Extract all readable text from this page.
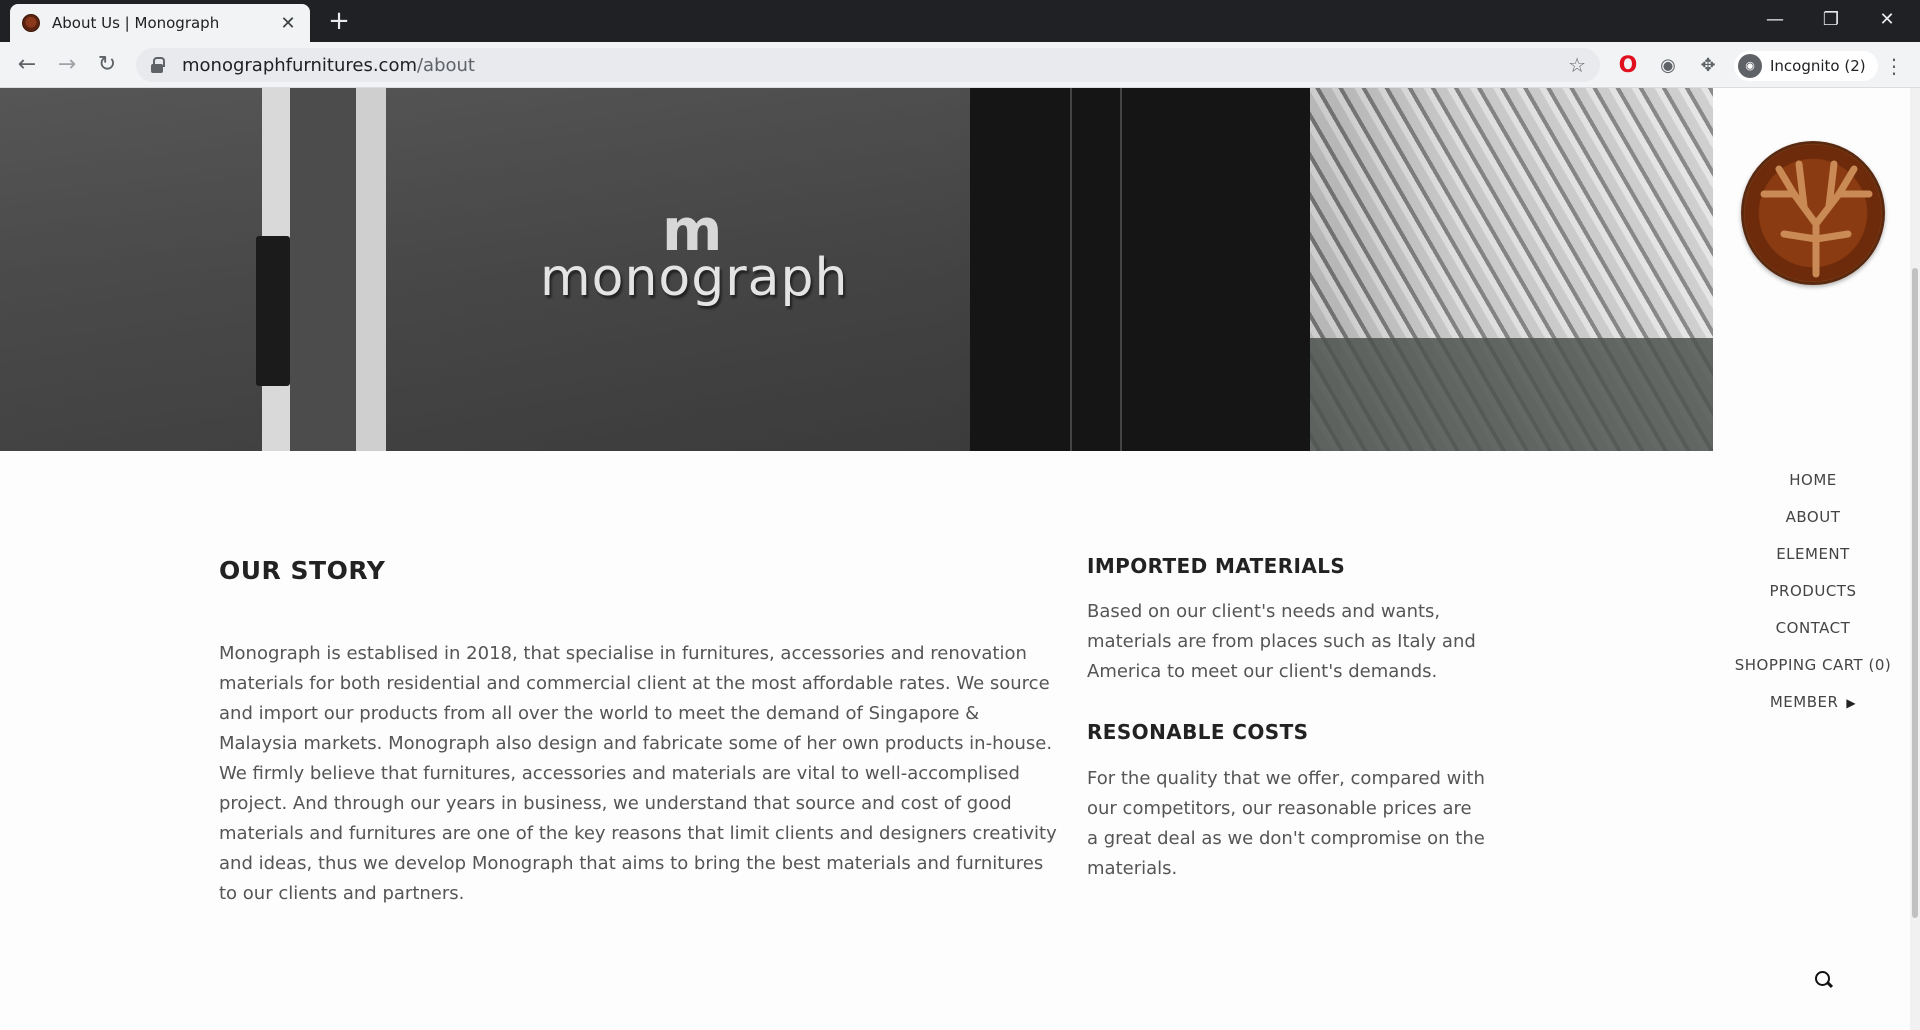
About Us | Monograph	✕ +	—	❐	✕
← → ↻	monographfurnitures.com /about	☆ O	◉	✥	◉	Incognito (2) ⋮
m
monograph
HOME
ABOUT
ELEMENT
PRODUCTS
CONTACT
SHOPPING CART (0)
MEMBER ▶
OUR STORY

Monograph is establised in 2018, that specialise in furnitures, accessories and renovation materials for both residential and commercial client at the most affordable rates. We source and import our products from all over the world to meet the demand of Singapore & Malaysia markets. Monograph also design and fabricate some of her own products in-house. We firmly believe that furnitures, accessories and materials are vital to well-accomplised project. And through our years in business, we understand that source and cost of good materials and furnitures are one of the key reasons that limit clients and designers creativity and ideas, thus we develop Monograph that aims to bring the best materials and furnitures to our clients and partners.

IMPORTED MATERIALS

Based on our client's needs and wants, materials are from places such as Italy and America to meet our client's demands.

RESONABLE COSTS

For the quality that we offer, compared with our competitors, our reasonable prices are a great deal as we don't compromise on the materials.
